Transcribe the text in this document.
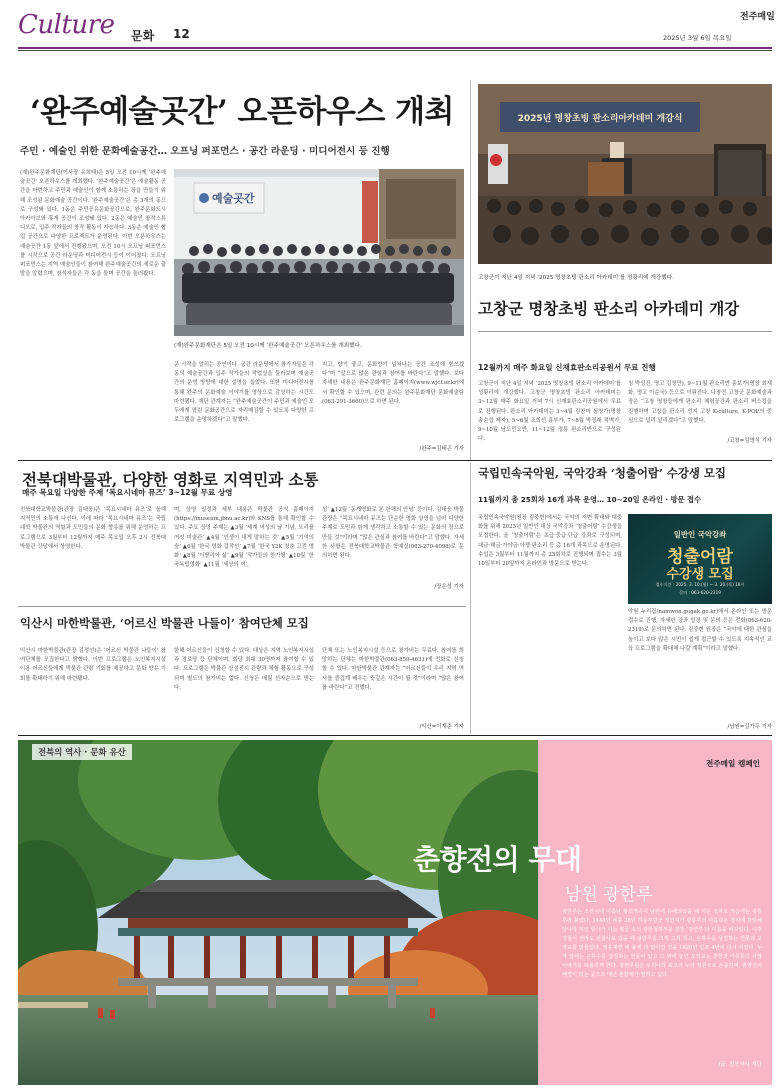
Culture 문화 12
전주매일
2025년 3월 6일 목요일
‘완주예술곳간’ 오픈하우스 개최
주민 · 예술인 위한 문화예술공간… 오프닝 퍼포먼스 · 공간 라운딩 · 미디어전시 등 진행
(재)완주문화재단(이사장 유희태)은 5일 오전 10시께 ‘완주예술곳간’ 오픈하우스를 개최했다. ‘완주예술곳간’은 예술활동 공간을 마련하고 주민과 예술인이 함께 소통하는 장을 만들기 위해 조성된 문화예술 공간이다. ‘완주예술곳간’은 총 3개의 동으로 구성돼 있다. 1동은 주민공유문화공간으로, 완주문화도시 아카이브와 휴게 공간이 조성돼 있다. 2동은 예술인 창작스튜디오로, 입주 작가들의 창작 활동이 가능하다. 3동은 예술인 협업 공간으로 다양한 프로젝트가 운영된다. 이번 오픈하우스는 예술곳간 1동 앞에서 진행됐으며, 오전 10시 오프닝 퍼포먼스를 시작으로 공간 라운딩과 미디어전시 등이 이어졌다. 오프닝퍼포먼스는 지역 예술인들이 참여해 완주예술곳간의 새로운 출발을 알렸으며, 참석자들은 각 동을 돌며 공간을 둘러봤다.
예술곳간
(재)완주문화재단은 5일 오전 10시께 ‘완주예술곳간’ 오픈하우스를 개최했다.
운 시작을 알리는 공연이다. 공간 라운딩에서 참가자들은 각 동의 예술공간과 입주 작가들의 작업실을 둘러보며 예술곳간의 운영 방향에 대한 설명을 들었다. 또한 미디어전시를 통해 완주의 문화예술 이야기를 영상으로 감상하는 시간도 마련됐다. 재단 관계자는 “완주예술곳간이 주민과 예술인 모두에게 열린 문화공간으로 자리매김할 수 있도록 다양한 프로그램을 운영하겠다”고 말했다.
지고, 향기 좋고, 문화향기 넘쳐나는 공간 조성에 힘쓰겠다”며 “앞으로 많은 관심과 참여를 바란다”고 말했다. 보다 자세한 내용은 완주문화재단 홈페이지(www.wjcf.or.kr)에서 확인할 수 있으며, 관련 문의는 완주문화재단 문화예술팀(063-291-3660)으로 하면 된다.
/완주=김태곤 기자
2025년 명창초빙 판소리아카데미 개강식
고창군이 지난 4일 저녁 ‘2025 명창초빙 판소리 아카데미’를 성황리에 개강했다.
고창군 명창초빙 판소리 아카데미 개강
12월까지 매주 화요일 신재효판소리공원서 무료 진행
고창군이 지난 4일 저녁 ‘2025 명창초빙 판소리 아카데미’를 성황리에 개강했다. 고창군 명창초빙 판소리 아카데미는 3~12월 매주 화요일 저녁 7시 신재효판소리공원에서 무료로 진행된다. 판소리 아카데미는 3~4월 김찬미 심청가(명창 송순섭 제자), 5~6월 조희선 흥부가, 7~8월 박정래 적벽가, 9~10월 남도민요반, 11~12월 정통 판소리반으로 구성된다.
청 박성진, 명고 김청만), 9~11월 판소리반 흥보가(명창 최재화, 명고 이순국) 등으로 이뤄진다. 나창진 고창군 문화예술과장은 “고창 명창들에게 판소리 체험공간과 판소리 버스킹을 진행하며 고창을 판소리 성지 고창 K-culture, K-POP의 중심으로 널리 알리겠다”고 말했다.
/고창=김영식 기자
전북대박물관, 다양한 영화로 지역민과 소통
매주 목요일 다양한 주제 ‘목요시네마 뮤즈’ 3~12월 무료 상영
전북대학교박물관(관장 김태웅)은 ‘목요시네마 뮤즈’로 올해 지역민의 소통에 나선다. 이에 따라 ‘목요시네마 뮤즈’는 국립대학 박물관의 역할과 도민들의 문화 향유를 위해 운영하는 프로그램으로 3월부터 12월까지 매주 목요일 오후 2시 전북대 박물관 강당에서 상영한다.
며, 상영 일정과 세부 내용은 박물관 공식 홈페이지(https://museum.jbnu.ac.kr)와 SNS를 통해 확인할 수 있다. 주요 상영 주제는 ▲3월 ‘세계 여성의 날 기념, 트리플 여성 미술관’ ▲4월 ‘인생이 내게 말하는 것’ ▲5월 ‘기억의 숲’ ▲6월 ‘한국 영화 걸작선’ ▲7월 ‘한국 Y2K 청춘 고전 영화’ ▲8월 ‘이탈리아 삶’ ▲9월 ‘작가들의 천기행’ ▲10월 ‘한국독립영화’ ▲11월 ‘세상의 여',
성’ ▲12월 ‘동계영화로 본 한해의 안녕’ 등이다. 김태웅 박물관장은 “목요시네마 뮤즈는 단순한 영화 상영을 넘어 다양한 주제로 도민과 함께 생각하고 소통할 수 있는 문화의 장으로 만들 것”이라며 “많은 관심과 참여를 바란다”고 말했다. 자세한 사항은 전북대학교박물관 학예실(063-270-4098)로 문의하면 된다.
/장은성 기자
익산시 마한박물관, ‘어르신 박물관 나들이’ 참여단체 모집
익산시 마한박물관(관장 김정선)은 ‘어르신 박물관 나들이’ 참여단체를 모집한다고 밝혔다. 이번 프로그램은 노인복지시설 이용 어르신들에게 박물관 관람 기회를 제공하고 문화 향유 기회를 확대하기 위해 마련됐다.
한해 어르신들이 신청할 수 있다. 대상은 지역 노인복지시설과 경로당 등 단체이며, 회당 최대 30명까지 참여할 수 있다. 프로그램은 박물관 상설전시 관람과 체험 활동으로 구성되며 별도의 참가비는 없다. 신청은 매월 선착순으로 받는다.
단체 또는 노인복지시설 등으로 참가비는 무료다. 참여를 희망하는 단체는 마한박물관(063-859-4631)에 전화로 신청할 수 있다. 마한박물관 관계자는 “어르신들이 우리 지역 역사를 즐겁게 배우는 뜻깊은 시간이 될 것”이라며 “많은 참여를 바란다”고 전했다.
/익산=이재준 기자
국립민속국악원, 국악강좌 ‘청출어람’ 수강생 모집
11월까지 총 25회차 16개 과목 운영… 10~20일 온라인 · 방문 접수
국립민속국악원(원장 김중현)에서는 국악의 저변 확대와 대중화를 위해 2025년 일반인 대상 국악강좌 ‘청출어람’ 수강생을 모집한다. 올 ‘청출어람’은 초급·중급·단급 강좌로 구성되며, 대금·해금·가야금·아쟁·판소리 등 총 16개 과목으로 운영된다. 수업은 3월부터 11월까지 총 25회차로 진행되며 접수는 3월 10일부터 20일까지 온라인과 방문으로 받는다.
일반인 국악강좌
청출어람
수강생 모집
접수기간 : 2025. 3. 10.(월) ~ 3. 20.(목) 18시
문의 : 063-620-2319
악원 누리집(namwon.gugak.go.kr)에서 온라인 또는 방문 접수로 진행, 자세한 강좌 일정 및 문의 등은 전화(063-620-2319)로 문의하면 된다. 김중현 원장은 “국악에 대한 관심을 높이고 보다 많은 시민이 쉽게 접근할 수 있도록 지속적인 교육 프로그램을 확대해 나갈 계획”이라고 말했다.
/남원=김가두 기자
전북의 역사 · 문화 유산
전주매일 캠페인
춘향전의 무대
남원 광한루
광한루는 조선시대 이름난 황희정승이 남원에 유배되었을 때 지은 정자로 처음에는 광통루라 불렸다. 1444년 세종 26년 하동부원군 정인지가 광통루의 아름다운 경치에 감탄해 달나라 미인 항아가 사는 월궁 속의 광한청허부를 본뜬 ‘광한루’라 이름을 바꾸었다. 이후 정철이 전라도 관찰사로 있을 때 광한루를 크게 고쳐 짓고, 은하수를 상징하는 연못과 오작교를 만들었다. 정유재란 때 불에 타 없어진 것을 1626년 인조 4년에 다시 지었다. 누각 앞에는 은하수를 상징하는 연못이 있고 그 위에 놓인 오작교는 춘향과 이몽룡의 사랑 이야기를 떠올리게 한다. 광한루원은 우리나라 최고의 누각 정원으로 손꼽히며, 춘향전의 배경이 되는 곳으로 매년 춘향제가 열리고 있다.
/글: 전북역사 재단
